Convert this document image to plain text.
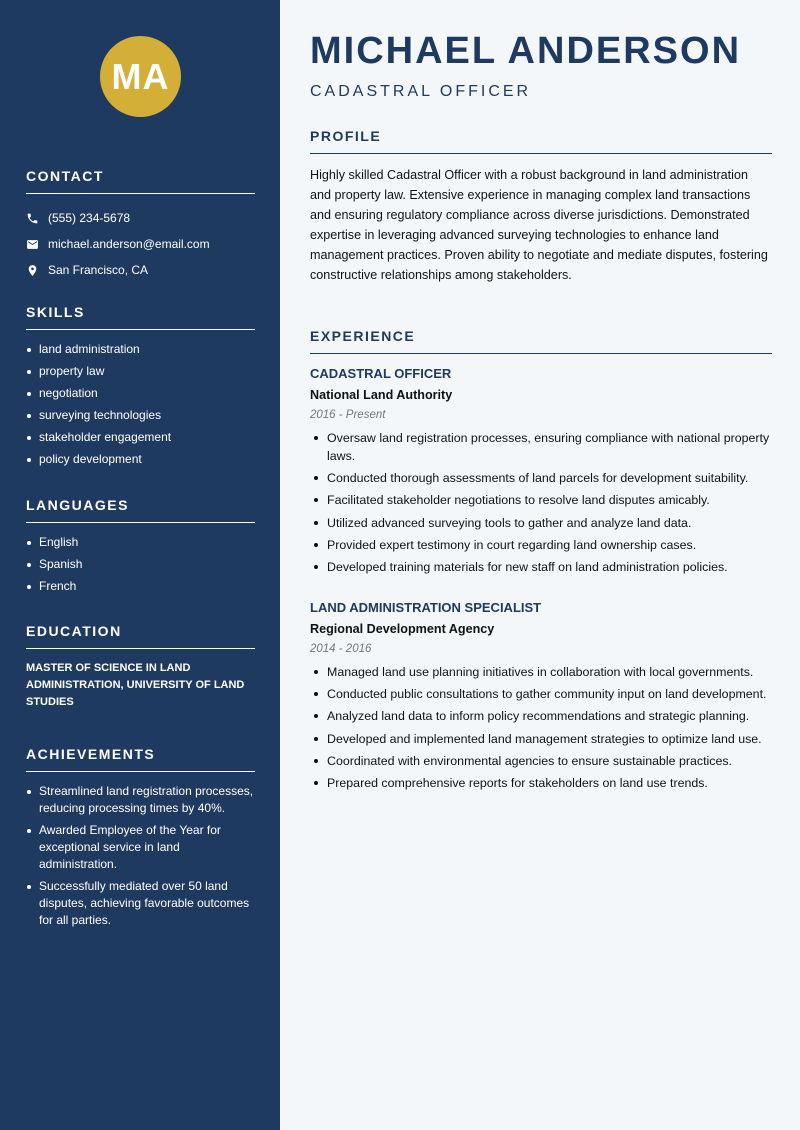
MA
CONTACT
(555) 234-5678
michael.anderson@email.com
San Francisco, CA
SKILLS
land administration
property law
negotiation
surveying technologies
stakeholder engagement
policy development
LANGUAGES
English
Spanish
French
EDUCATION
MASTER OF SCIENCE IN LAND ADMINISTRATION, UNIVERSITY OF LAND STUDIES
ACHIEVEMENTS
Streamlined land registration processes, reducing processing times by 40%.
Awarded Employee of the Year for exceptional service in land administration.
Successfully mediated over 50 land disputes, achieving favorable outcomes for all parties.
MICHAEL ANDERSON
CADASTRAL OFFICER
PROFILE
Highly skilled Cadastral Officer with a robust background in land administration and property law. Extensive experience in managing complex land transactions and ensuring regulatory compliance across diverse jurisdictions. Demonstrated expertise in leveraging advanced surveying technologies to enhance land management practices. Proven ability to negotiate and mediate disputes, fostering constructive relationships among stakeholders.
EXPERIENCE
CADASTRAL OFFICER
National Land Authority
2016 - Present
Oversaw land registration processes, ensuring compliance with national property laws.
Conducted thorough assessments of land parcels for development suitability.
Facilitated stakeholder negotiations to resolve land disputes amicably.
Utilized advanced surveying tools to gather and analyze land data.
Provided expert testimony in court regarding land ownership cases.
Developed training materials for new staff on land administration policies.
LAND ADMINISTRATION SPECIALIST
Regional Development Agency
2014 - 2016
Managed land use planning initiatives in collaboration with local governments.
Conducted public consultations to gather community input on land development.
Analyzed land data to inform policy recommendations and strategic planning.
Developed and implemented land management strategies to optimize land use.
Coordinated with environmental agencies to ensure sustainable practices.
Prepared comprehensive reports for stakeholders on land use trends.
